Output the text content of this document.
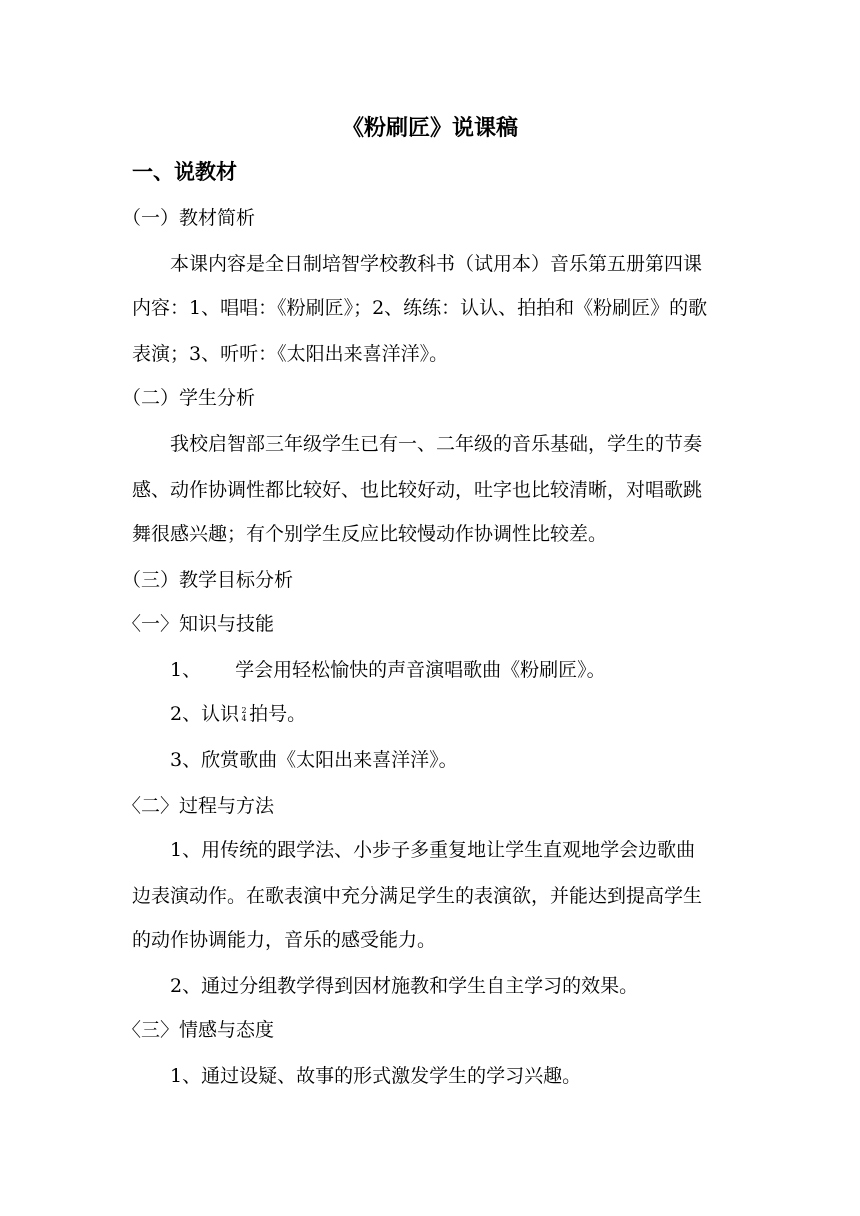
《粉刷匠》说课稿
一、说教材
（一）教材简析
本课内容是全日制培智学校教科书（试用本）音乐第五册第四课
内容：1、唱唱：《粉刷匠》；2、练练：认认、拍拍和《粉刷匠》的歌
表演；3、听听：《太阳出来喜洋洋》。
（二）学生分析
我校启智部三年级学生已有一、二年级的音乐基础，学生的节奏
感、动作协调性都比较好、也比较好动，吐字也比较清晰，对唱歌跳
舞很感兴趣；有个别学生反应比较慢动作协调性比较差。
（三）教学目标分析
〈一〉知识与技能
1、 学会用轻松愉快的声音演唱歌曲《粉刷匠》。
2、认识 2
4 拍号。
3、欣赏歌曲《太阳出来喜洋洋》。
〈二〉过程与方法
1、用传统的跟学法、小步子多重复地让学生直观地学会边歌曲
边表演动作。在歌表演中充分满足学生的表演欲，并能达到提高学生
的动作协调能力，音乐的感受能力。
2、通过分组教学得到因材施教和学生自主学习的效果。
〈三〉情感与态度
1、通过设疑、故事的形式激发学生的学习兴趣。
